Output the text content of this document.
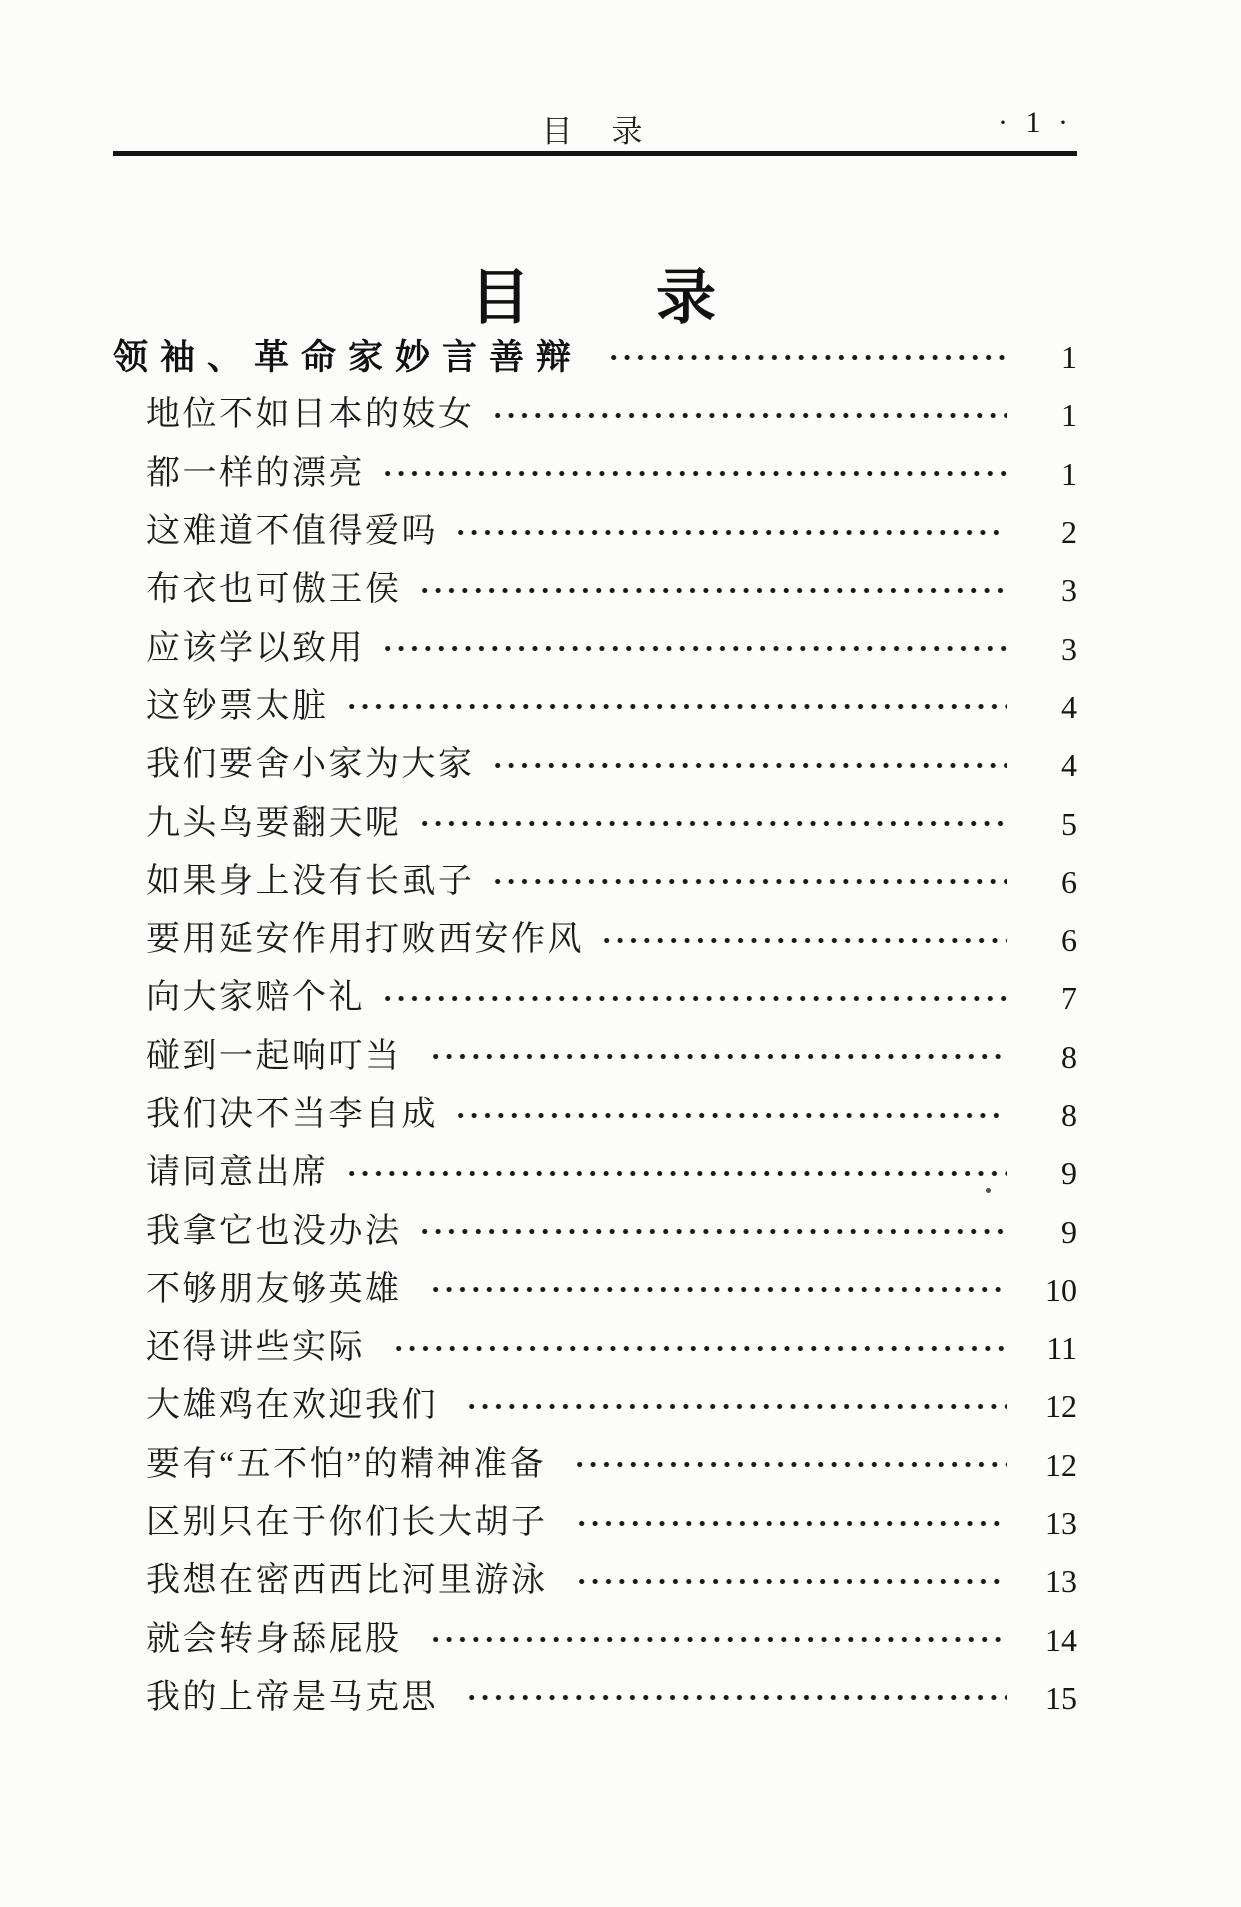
目　录	· 1 ·
目　　录
领袖、革命家妙言善辩	1
地位不如日本的妓女	1
都一样的漂亮	1
这难道不值得爱吗	2
布衣也可傲王侯	3
应该学以致用	3
这钞票太脏	4
我们要舍小家为大家	4
九头鸟要翻天呢	5
如果身上没有长虱子	6
要用延安作用打败西安作风	6
向大家赔个礼	7
碰到一起响叮当	8
我们决不当李自成	8
请同意出席	9
我拿它也没办法	9
不够朋友够英雄	10
还得讲些实际	11
大雄鸡在欢迎我们	12
要有“五不怕”的精神准备	12
区别只在于你们长大胡子	13
我想在密西西比河里游泳	13
就会转身舔屁股	14
我的上帝是马克思	15
